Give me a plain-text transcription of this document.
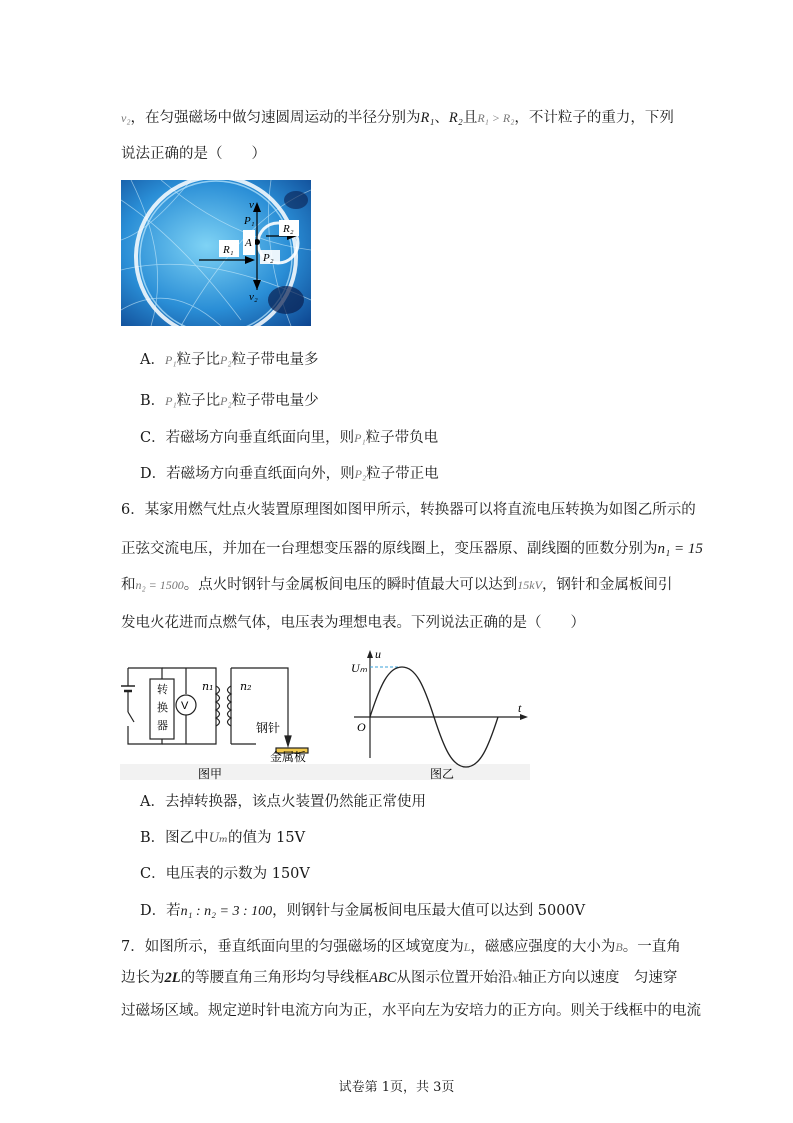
v₂，在匀强磁场中做匀速圆周运动的半径分别为R₁、R₂且R₁ > R₂，不计粒子的重力，下列
说法正确的是（　　）
v₁
P₁
A
R₁
R₂
P₂
v₂
A．P₁粒子比P₂粒子带电量多
B．P₁粒子比P₂粒子带电量少
C．若磁场方向垂直纸面向里，则P₁粒子带负电
D．若磁场方向垂直纸面向外，则P₂粒子带正电
6．某家用燃气灶点火装置原理图如图甲所示，转换器可以将直流电压转换为如图乙所示的
正弦交流电压，并加在一台理想变压器的原线圈上，变压器原、副线圈的匝数分别为n₁ = 15
和n₂ = 1500。点火时钢针与金属板间电压的瞬时值最大可以达到15kV，钢针和金属板间引
发电火花进而点燃气体，电压表为理想电表。下列说法正确的是（　　）
转
换
器
V
n₁ n₂
钢针
金属板
图甲
u
Uₘ
O
t
图乙
A．去掉转换器，该点火装置仍然能正常使用
B．图乙中Uₘ的值为 15V
C．电压表的示数为 150V
D．若n₁ : n₂ = 3 : 100，则钢针与金属板间电压最大值可以达到 5000V
7．如图所示，垂直纸面向里的匀强磁场的区域宽度为L，磁感应强度的大小为B。一直角
边长为2L的等腰直角三角形均匀导线框ABC从图示位置开始沿x轴正方向以速度　匀速穿
过磁场区域。规定逆时针电流方向为正，水平向左为安培力的正方向。则关于线框中的电流
试卷第 1页，共 3页
